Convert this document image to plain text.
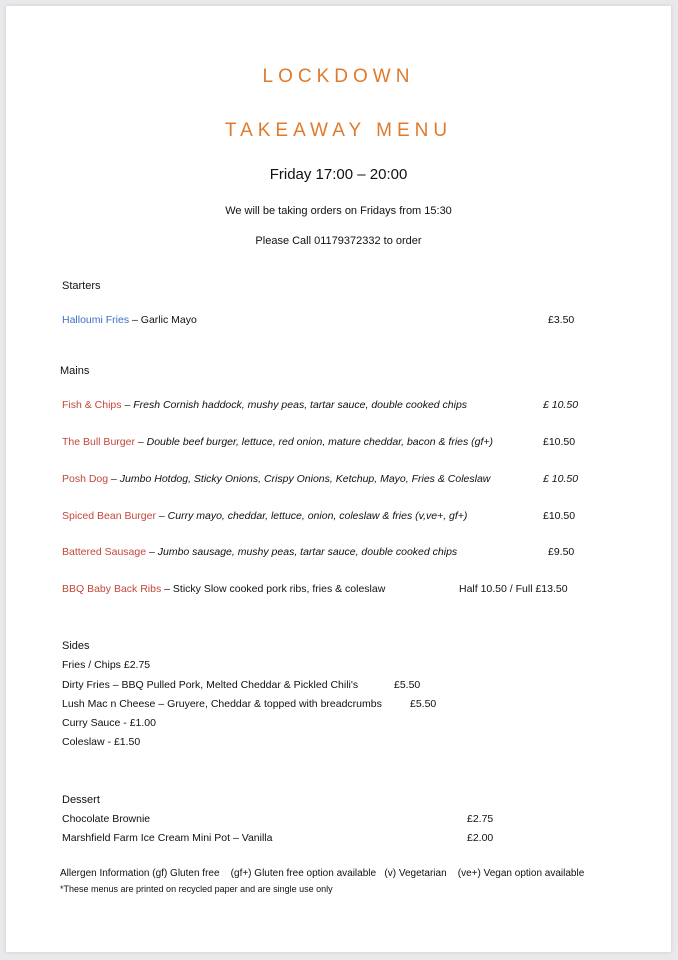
LOCKDOWN
TAKEAWAY MENU
Friday 17:00 – 20:00
We will be taking orders on Fridays from 15:30
Please Call 01179372332 to order
Starters
Halloumi Fries – Garlic Mayo	£3.50
Mains
Fish & Chips – Fresh Cornish haddock, mushy peas, tartar sauce, double cooked chips	£ 10.50
The Bull Burger – Double beef burger, lettuce, red onion, mature cheddar, bacon & fries (gf+)	£10.50
Posh Dog – Jumbo Hotdog, Sticky Onions, Crispy Onions, Ketchup, Mayo, Fries & Coleslaw	£ 10.50
Spiced Bean Burger – Curry mayo, cheddar, lettuce, onion, coleslaw & fries (v,ve+, gf+)	£10.50
Battered Sausage – Jumbo sausage, mushy peas, tartar sauce, double cooked chips	£9.50
BBQ Baby Back Ribs – Sticky Slow cooked pork ribs, fries & coleslaw	Half 10.50 / Full £13.50
Sides
Fries / Chips £2.75
Dirty Fries – BBQ Pulled Pork, Melted Cheddar & Pickled Chili's	£5.50
Lush Mac n Cheese – Gruyere, Cheddar & topped with breadcrumbs	£5.50
Curry Sauce - £1.00
Coleslaw - £1.50
Dessert
Chocolate Brownie	£2.75
Marshfield Farm Ice Cream Mini Pot – Vanilla	£2.00
Allergen Information (gf) Gluten free (gf+) Gluten free option available (v) Vegetarian (ve+) Vegan option available
*These menus are printed on recycled paper and are single use only
